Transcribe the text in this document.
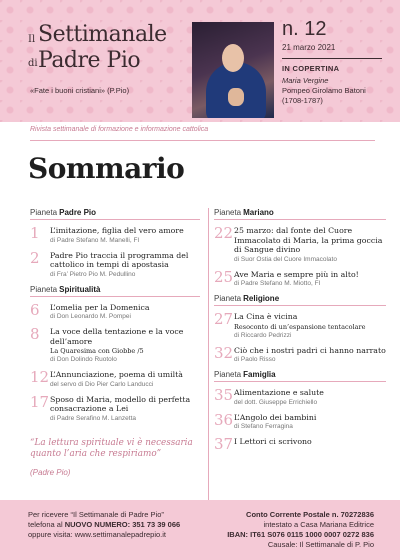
Il Settimanale
di Padre Pio
«Fate i buoni cristiani» (P.Pio)
n. 12
21 marzo 2021
IN COPERTINA
Maria Vergine
Pompeo Girolamo Batoni
(1708-1787)
Rivista settimanale di formazione e informazione cattolica
Sommario
Pianeta Padre Pio
1	L’imitazione, figlia del vero amore
di Padre Stefano M. Manelli, FI
2	Padre Pio traccia il programma del cattolico in tempi di apostasia
di Fra’ Pietro Pio M. Pedullino
Pianeta Spiritualità
6	L’omelia per la Domenica
di Don Leonardo M. Pompei
8	La voce della tentazione e la voce dell’amore
La Quaresima con Giobbe /5
di Don Dolindo Ruotolo
12 L’Annunciazione, poema di umiltà
del servo di Dio Pier Carlo Landucci
17 Sposo di Maria, modello di perfetta consacrazione a Lei
di Padre Serafino M. Lanzetta
“La lettura spirituale vi è necessaria quanto l’aria che respiriamo”
(Padre Pio)
Pianeta Mariano
22 25 marzo: dal fonte del Cuore Immacolato di Maria, la prima goccia di Sangue divino
di Suor Ostia del Cuore Immacolato
25 Ave Maria e sempre più in alto!
di Padre Stefano M. Miotto, FI
Pianeta Religione
27 La Cina è vicina
Resoconto di un’espansione tentacolare
di Riccardo Pedrizzi
32 Ciò che i nostri padri ci hanno narrato
di Paolo Risso
Pianeta Famiglia
35 Alimentazione e salute
del dott. Giuseppe Errichiello
36 L’Angolo dei bambini
di Stefano Ferragina
37 I Lettori ci scrivono
Per ricevere “Il Settimanale di Padre Pio”
telefona al NUOVO NUMERO: 351 73 39 066
oppure visita: www.settimanalepadrepio.it
Conto Corrente Postale n. 70272836
intestato a Casa Mariana Editrice
IBAN: IT61 S076 0115 1000 0007 0272 836
Causale: Il Settimanale di P. Pio
